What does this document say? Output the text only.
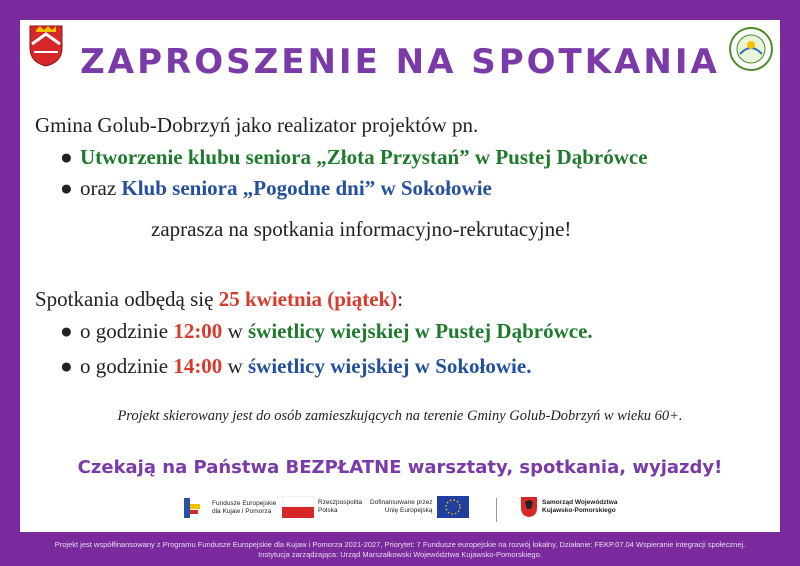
ZAPROSZENIE NA SPOTKANIA
Gmina Golub-Dobrzyń jako realizator projektów pn.
● Utworzenie klubu seniora „Złota Przystań” w Pustej Dąbrówce
● oraz Klub seniora „Pogodne dni” w Sokołowie
zaprasza na spotkania informacyjno-rekrutacyjne!
Spotkania odbędą się 25 kwietnia (piątek):
● o godzinie 12:00 w świetlicy wiejskiej w Pustej Dąbrówce.
● o godzinie 14:00 w świetlicy wiejskiej w Sokołowie.
Projekt skierowany jest do osób zamieszkujących na terenie Gminy Golub-Dobrzyń w wieku 60+.
Czekają na Państwa BEZPŁATNE warsztaty, spotkania, wyjazdy!
Fundusze Europejskie
dla Kujaw i Pomorza
Rzeczpospolita
Polska
Dofinansowane przez
Unię Europejską
Samorząd Województwa
Kujawsko-Pomorskiego
Projekt jest współfinansowany z Programu Fundusze Europejskie dla Kujaw i Pomorza 2021-2027, Priorytet: 7 Fundusze europejskie na rozwój lokalny, Działanie: FEKP.07.04 Wspieranie integracji społecznej.
Instytucja zarządzająca: Urząd Marszałkowski Województwa Kujawsko-Pomorskiego.
